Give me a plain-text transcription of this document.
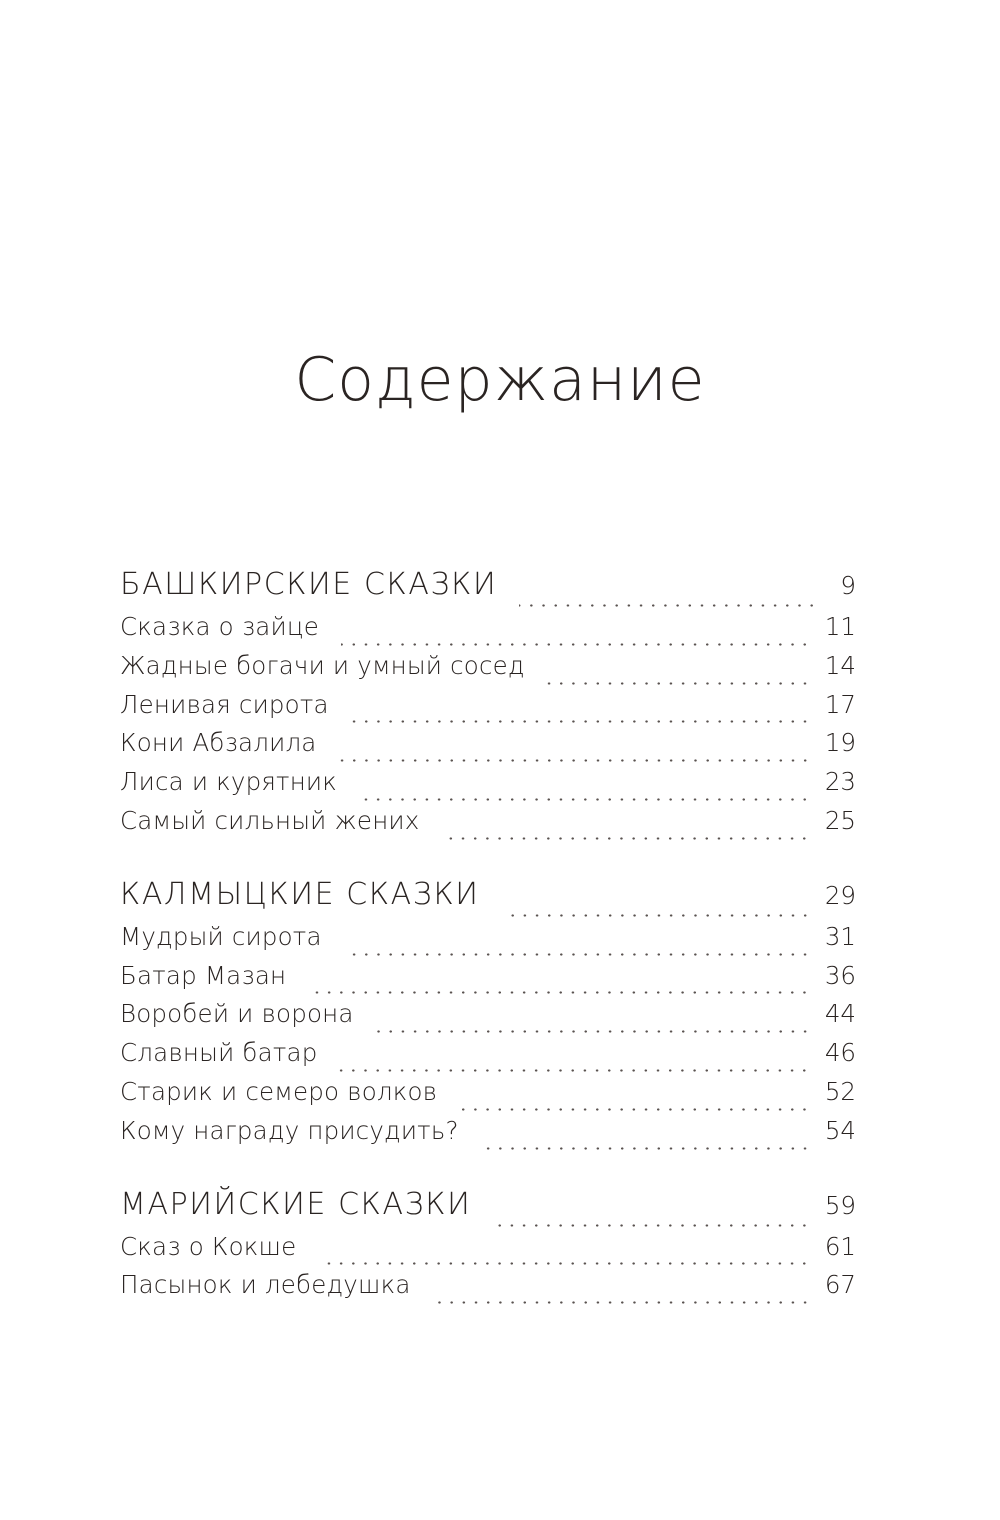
Содержание
БАШКИРСКИЕ СКАЗКИ	9
Сказка о зайце	11
Жадные богачи и умный сосед	14
Ленивая сирота	17
Кони Абзалила	19
Лиса и курятник	23
Самый сильный жених	25
КАЛМЫЦКИЕ СКАЗКИ	29
Мудрый сирота	31
Батар Мазан	36
Воробей и ворона	44
Славный батар	46
Старик и семеро волков	52
Кому награду присудить?	54
МАРИЙСКИЕ СКАЗКИ	59
Сказ о Кокше	61
Пасынок и лебедушка	67
